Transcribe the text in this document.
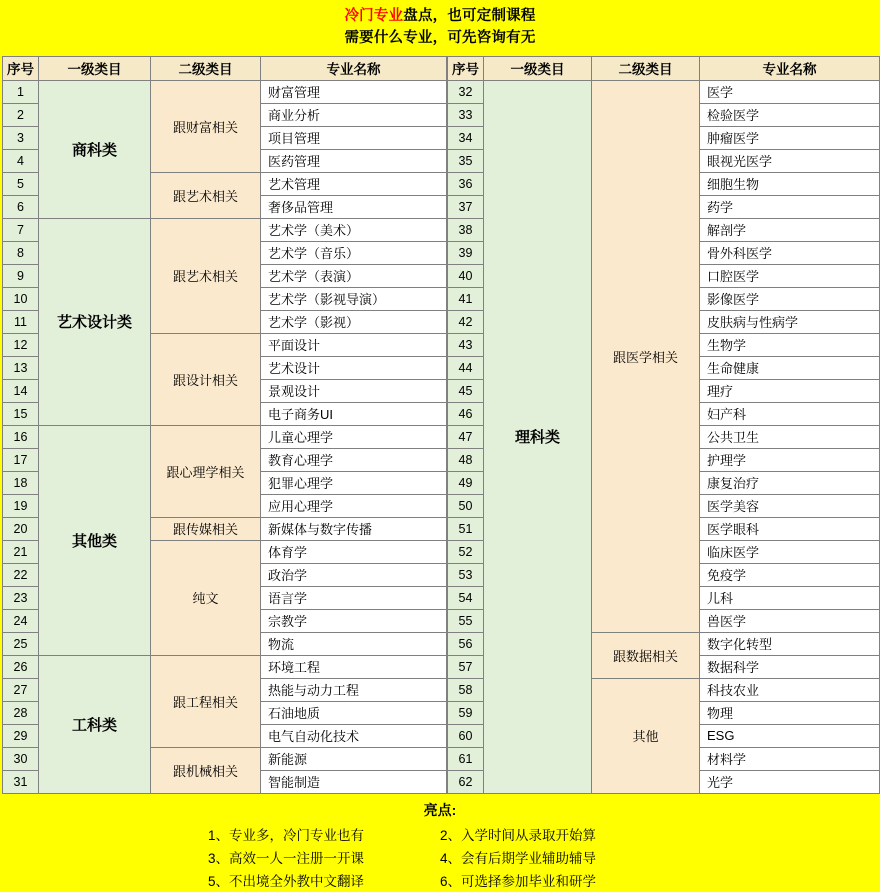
冷门专业盘点，也可定制课程
需要什么专业，可先咨询有无
序号	一级类目	二级类目	专业名称
1	商科类	跟财富相关	财富管理
2			商业分析
3			项目管理
4			医药管理
5		跟艺术相关	艺术管理
6			奢侈品管理
7	艺术设计类	跟艺术相关	艺术学（美术）
8			艺术学（音乐）
9			艺术学（表演）
10			艺术学（影视导演）
11			艺术学（影视）
12		跟设计相关	平面设计
13			艺术设计
14			景观设计
15			电子商务UI
16	其他类	跟心理学相关	儿童心理学
17			教育心理学
18			犯罪心理学
19			应用心理学
20		跟传媒相关	新媒体与数字传播
21		纯文	体育学
22			政治学
23			语言学
24			宗教学
25			物流
26	工科类	跟工程相关	环境工程
27			热能与动力工程
28			石油地质
29			电气自动化技术
30		跟机械相关	新能源
31			智能制造
序号	一级类目	二级类目	专业名称
32	理科类	跟医学相关	医学
33			检验医学
34			肿瘤医学
35			眼视光医学
36			细胞生物
37			药学
38			解剖学
39			骨外科医学
40			口腔医学
41			影像医学
42			皮肤病与性病学
43			生物学
44			生命健康
45			理疗
46			妇产科
47			公共卫生
48			护理学
49			康复治疗
50			医学美容
51			医学眼科
52			临床医学
53			免疫学
54			儿科
55			兽医学
56		跟数据相关	数字化转型
57			数据科学
58		其他	科技农业
59			物理
60			ESG
61			材料学
62			光学
亮点:
1、专业多，冷门专业也有	2、入学时间从录取开始算
3、高效一人一注册一开课	4、会有后期学业辅助辅导
5、不出境全外教中文翻译	6、可选择参加毕业和研学
